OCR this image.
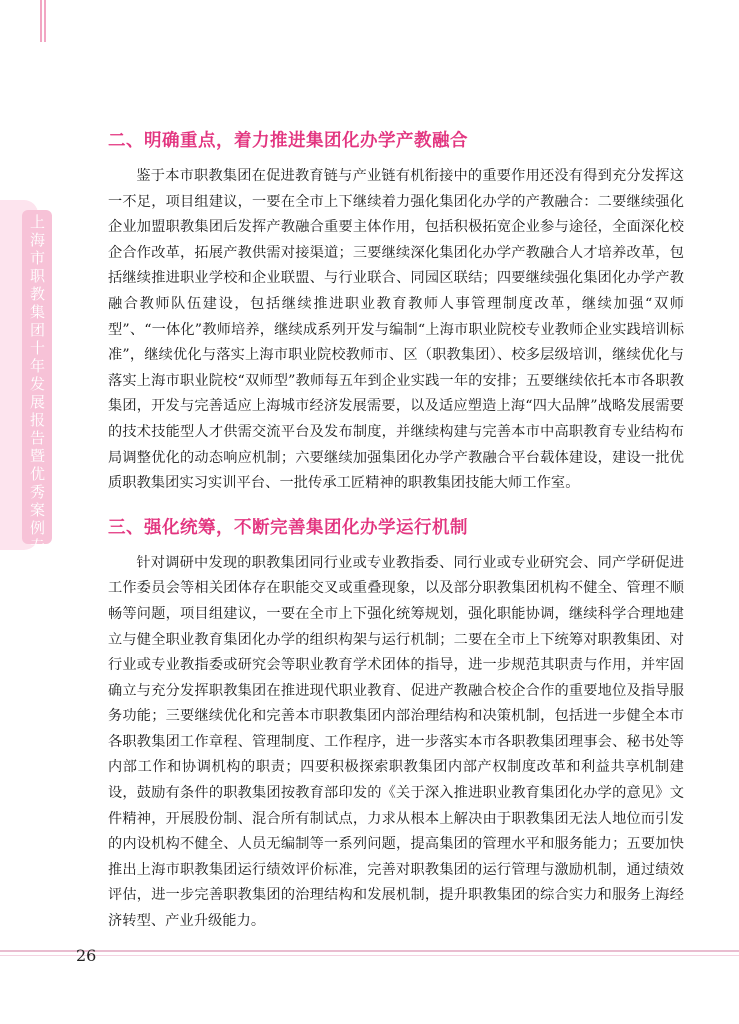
上海市职教集团十年发展报告暨优秀案例专辑
二、明确重点，着力推进集团化办学产教融合

鉴于本市职教集团在促进教育链与产业链有机衔接中的重要作用还没有得到充分发挥这一不足，项目组建议，一要在全市上下继续着力强化集团化办学的产教融合：二要继续强化企业加盟职教集团后发挥产教融合重要主体作用，包括积极拓宽企业参与途径，全面深化校企合作改革，拓展产教供需对接渠道；三要继续深化集团化办学产教融合人才培养改革，包括继续推进职业学校和企业联盟、与行业联合、同园区联结；四要继续强化集团化办学产教融合教师队伍建设，包括继续推进职业教育教师人事管理制度改革，继续加强“双师型”、“一体化”教师培养，继续成系列开发与编制“上海市职业院校专业教师企业实践培训标准”，继续优化与落实上海市职业院校教师市、区（职教集团）、校多层级培训，继续优化与落实上海市职业院校“双师型”教师每五年到企业实践一年的安排；五要继续依托本市各职教集团，开发与完善适应上海城市经济发展需要，以及适应塑造上海“四大品牌”战略发展需要的技术技能型人才供需交流平台及发布制度，并继续构建与完善本市中高职教育专业结构布局调整优化的动态响应机制；六要继续加强集团化办学产教融合平台载体建设，建设一批优质职教集团实习实训平台、一批传承工匠精神的职教集团技能大师工作室。

三、强化统筹，不断完善集团化办学运行机制

针对调研中发现的职教集团同行业或专业教指委、同行业或专业研究会、同产学研促进工作委员会等相关团体存在职能交叉或重叠现象，以及部分职教集团机构不健全、管理不顺畅等问题，项目组建议，一要在全市上下强化统筹规划，强化职能协调，继续科学合理地建立与健全职业教育集团化办学的组织构架与运行机制；二要在全市上下统筹对职教集团、对行业或专业教指委或研究会等职业教育学术团体的指导，进一步规范其职责与作用，并牢固确立与充分发挥职教集团在推进现代职业教育、促进产教融合校企合作的重要地位及指导服务功能；三要继续优化和完善本市职教集团内部治理结构和决策机制，包括进一步健全本市各职教集团工作章程、管理制度、工作程序，进一步落实本市各职教集团理事会、秘书处等内部工作和协调机构的职责；四要积极探索职教集团内部产权制度改革和利益共享机制建设，鼓励有条件的职教集团按教育部印发的《关于深入推进职业教育集团化办学的意见》文件精神，开展股份制、混合所有制试点，力求从根本上解决由于职教集团无法人地位而引发的内设机构不健全、人员无编制等一系列问题，提高集团的管理水平和服务能力；五要加快推出上海市职教集团运行绩效评价标准，完善对职教集团的运行管理与激励机制，通过绩效评估，进一步完善职教集团的治理结构和发展机制，提升职教集团的综合实力和服务上海经济转型、产业升级能力。

26
